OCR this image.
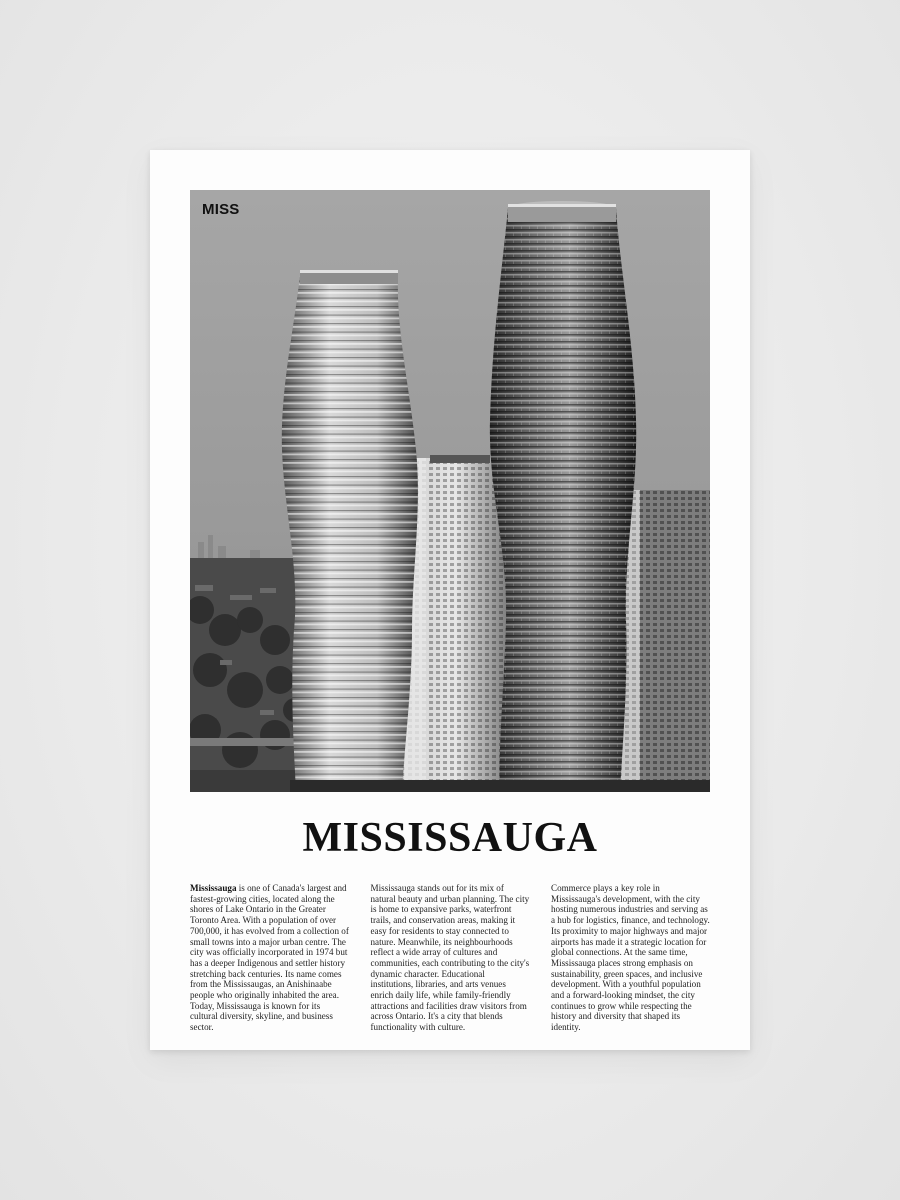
MISS
MISSISSAUGA

Mississauga is one of Canada's largest and fastest-growing cities, located along the shores of Lake Ontario in the Greater Toronto Area. With a population of over 700,000, it has evolved from a collection of small towns into a major urban centre. The city was officially incorporated in 1974 but has a deeper Indigenous and settler history stretching back centuries. Its name comes from the Mississaugas, an Anishinaabe people who originally inhabited the area. Today, Mississauga is known for its cultural diversity, skyline, and business sector.

Mississauga stands out for its mix of natural beauty and urban planning. The city is home to expansive parks, waterfront trails, and conservation areas, making it easy for residents to stay connected to nature. Meanwhile, its neighbourhoods reflect a wide array of cultures and communities, each contributing to the city's dynamic character. Educational institutions, libraries, and arts venues enrich daily life, while family-friendly attractions and facilities draw visitors from across Ontario. It's a city that blends functionality with culture.

Commerce plays a key role in Mississauga's development, with the city hosting numerous industries and serving as a hub for logistics, finance, and technology. Its proximity to major highways and major airports has made it a strategic location for global connections. At the same time, Mississauga places strong emphasis on sustainability, green spaces, and inclusive development. With a youthful population and a forward-looking mindset, the city continues to grow while respecting the history and diversity that shaped its identity.
